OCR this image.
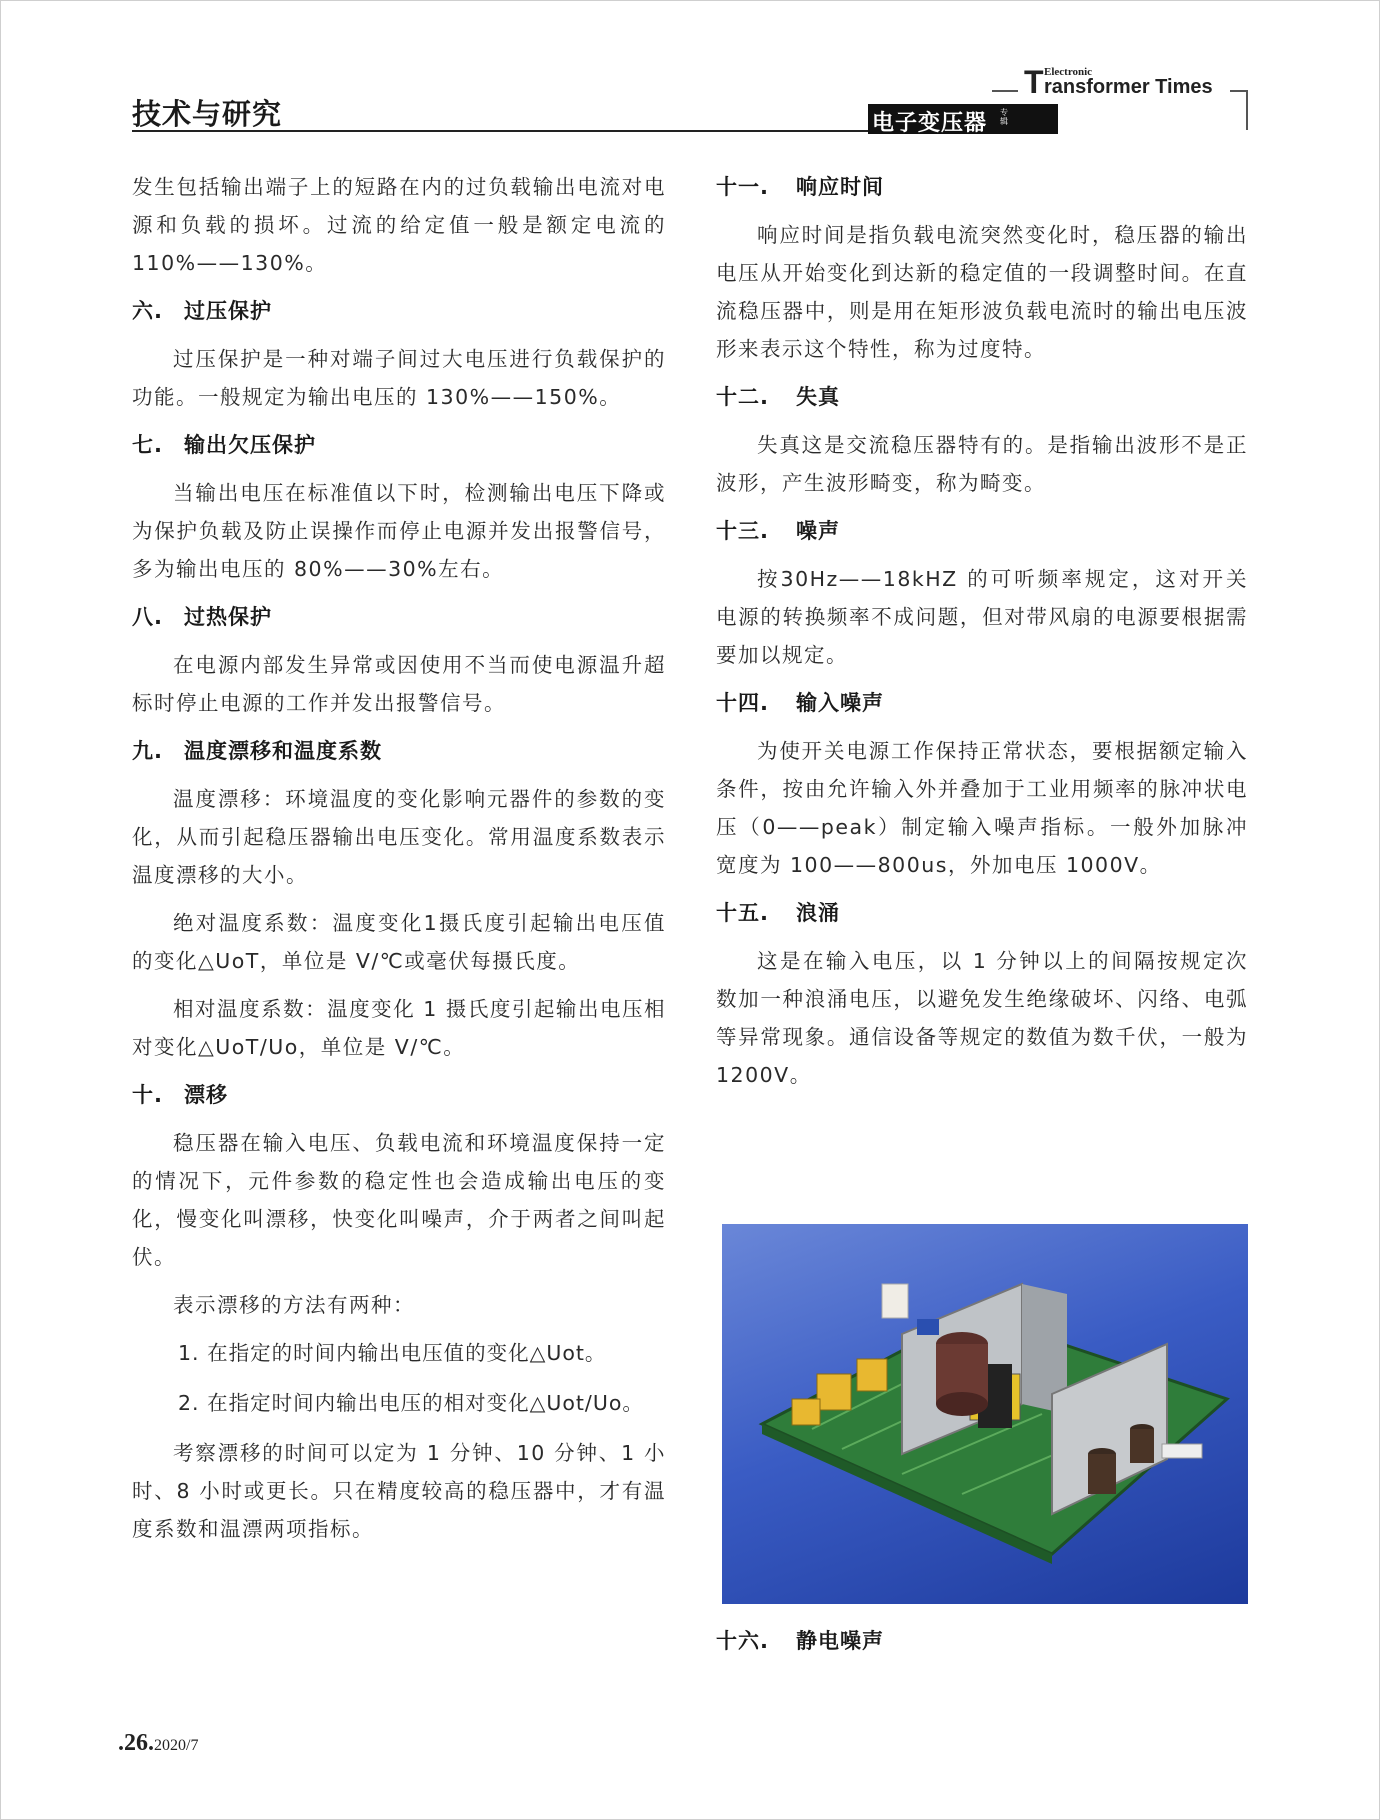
技术与研究	电子变压器 专辑
T Electronic
ransformer Times

发生包括输出端子上的短路在内的过负载输出电流对电源和负载的损坏。过流的给定值一般是额定电流的 110%——130%。

六. 过压保护

过压保护是一种对端子间过大电压进行负载保护的功能。一般规定为输出电压的 130%——150%。

七. 输出欠压保护

当输出电压在标准值以下时，检测输出电压下降或为保护负载及防止误操作而停止电源并发出报警信号，多为输出电压的 80%——30%左右。

八. 过热保护

在电源内部发生异常或因使用不当而使电源温升超标时停止电源的工作并发出报警信号。

九. 温度漂移和温度系数

温度漂移：环境温度的变化影响元器件的参数的变化，从而引起稳压器输出电压变化。常用温度系数表示温度漂移的大小。

绝对温度系数：温度变化1摄氏度引起输出电压值的变化△UoT，单位是 V/℃或毫伏每摄氏度。

相对温度系数：温度变化 1 摄氏度引起输出电压相对变化△UoT/Uo，单位是 V/℃。

十. 漂移

稳压器在输入电压、负载电流和环境温度保持一定的情况下，元件参数的稳定性也会造成输出电压的变化，慢变化叫漂移，快变化叫噪声，介于两者之间叫起伏。

表示漂移的方法有两种：

1. 在指定的时间内输出电压值的变化△Uot。
2. 在指定时间内输出电压的相对变化△Uot/Uo。

考察漂移的时间可以定为 1 分钟、10 分钟、1 小时、8 小时或更长。只在精度较高的稳压器中，才有温度系数和温漂两项指标。

十一. 响应时间

响应时间是指负载电流突然变化时，稳压器的输出电压从开始变化到达新的稳定值的一段调整时间。在直流稳压器中，则是用在矩形波负载电流时的输出电压波形来表示这个特性，称为过度特。

十二. 失真

失真这是交流稳压器特有的。是指输出波形不是正 波形，产生波形畸变，称为畸变。

十三. 噪声

按30Hz——18kHZ 的可听频率规定，这对开关电源的转换频率不成问题，但对带风扇的电源要根据需要加以规定。

十四. 输入噪声

为使开关电源工作保持正常状态，要根据额定输入条件，按由允许输入外并叠加于工业用频率的脉冲状电压（0——peak）制定输入噪声指标。一般外加脉冲宽度为 100——800us，外加电压 1000V。

十五. 浪涌

这是在输入电压，以 1 分钟以上的间隔按规定次数加一种浪涌电压，以避免发生绝缘破坏、闪络、电弧等异常现象。通信设备等规定的数值为数千伏，一般为1200V。

十六. 静电噪声
.26.2020/7
